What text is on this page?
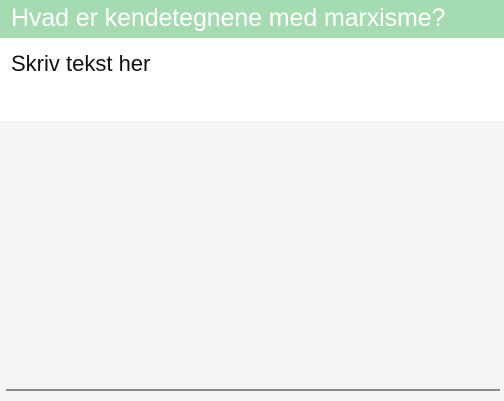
Hvad er kendetegnene med marxisme?
Skriv tekst her
